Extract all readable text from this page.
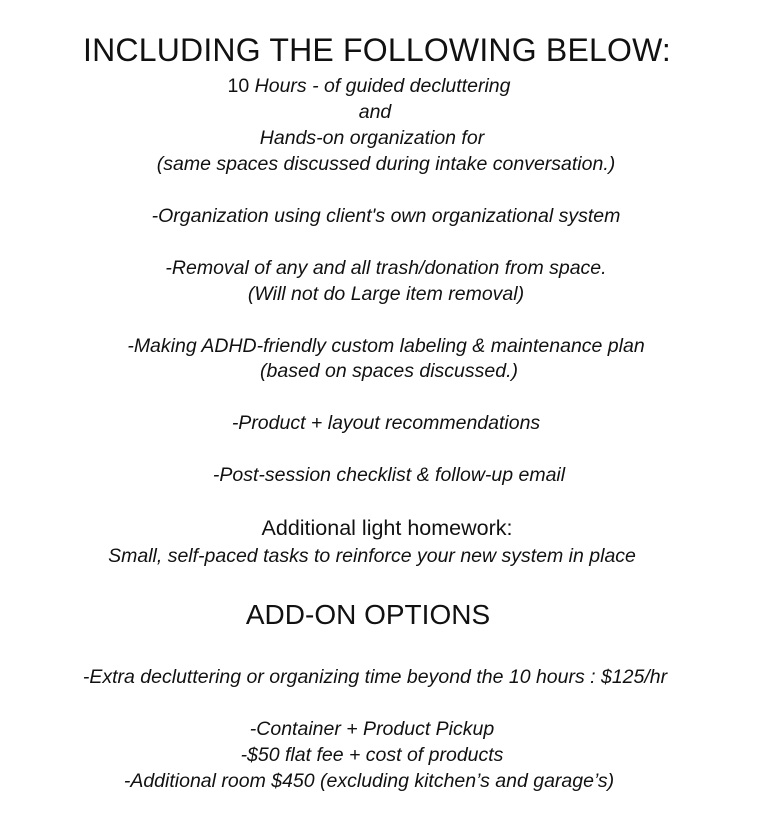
INCLUDING THE FOLLOWING BELOW:
10 Hours - of guided decluttering
and
Hands-on organization for
(same spaces discussed during intake conversation.)
-Organization using client's own organizational system
-Removal of any and all trash/donation from space.
(Will not do Large item removal)
-Making ADHD-friendly custom labeling & maintenance plan
(based on spaces discussed.)
-Product + layout recommendations
-Post-session checklist & follow-up email
Additional light homework:
Small, self-paced tasks to reinforce your new system in place
ADD-ON OPTIONS
-Extra decluttering or organizing time beyond the 10 hours : $125/hr
-Container + Product Pickup
-$50 flat fee + cost of products
-Additional room $450 (excluding kitchen’s and garage’s)
